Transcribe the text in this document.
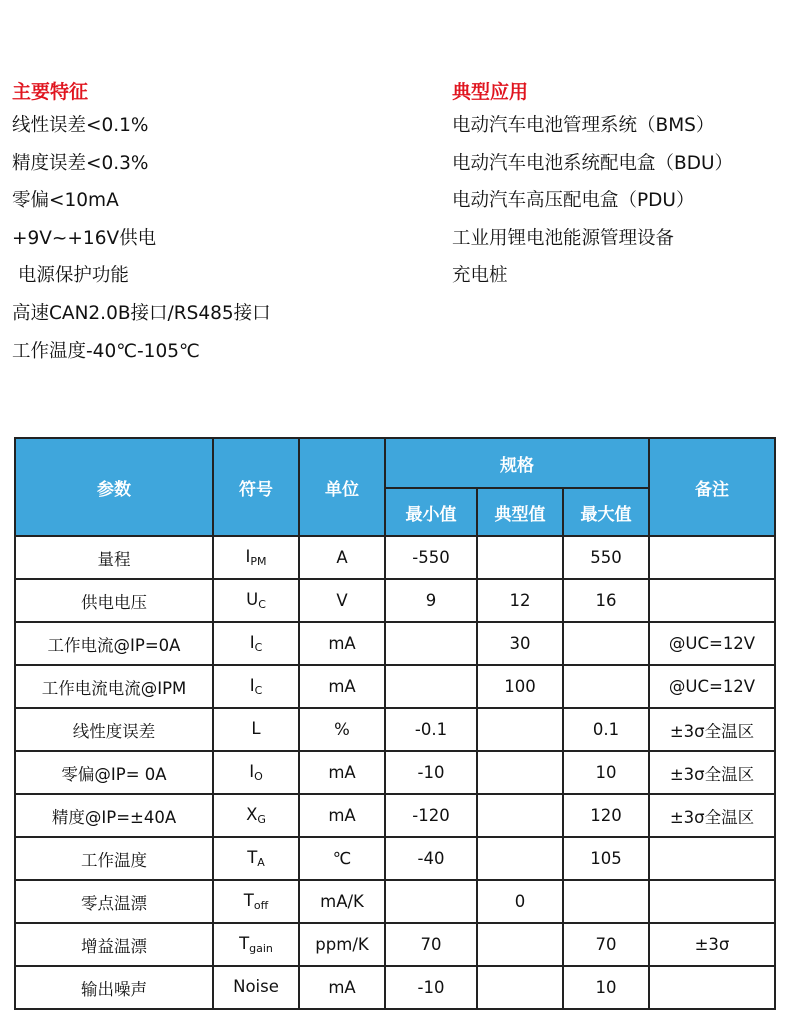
主要特征
线性误差<0.1%
精度误差<0.3%
零偏<10mA
+9V~+16V供电
电源保护功能
高速CAN2.0B接口/RS485接口
工作温度-40℃-105℃
典型应用
电动汽车电池管理系统（BMS）
电动汽车电池系统配电盒（BDU）
电动汽车高压配电盒（PDU）
工业用锂电池能源管理设备
充电桩
参数	符号	单位	规格			备注
			最小值	典型值	最大值	
量程	$I_{PM}$	A	-550		550	
供电电压	$U_C$	V	9	12	16	
工作电流@IP=0A	$I_C$	mA		30		@UC=12V
工作电流电流@IPM	$I_C$	mA		100		@UC=12V
线性度误差	L	%	-0.1		0.1	±3σ全温区
零偏@IP= 0A	$I_O$	mA	-10		10	±3σ全温区
精度@IP=±40A	$X_G$	mA	-120		120	±3σ全温区
工作温度	$T_A$	℃	-40		105	
零点温漂	$T_{off}$	mA/K		0		
增益温漂	$T_{gain}$	ppm/K	70		70	±3σ
输出噪声	Noise	mA	-10		10	
